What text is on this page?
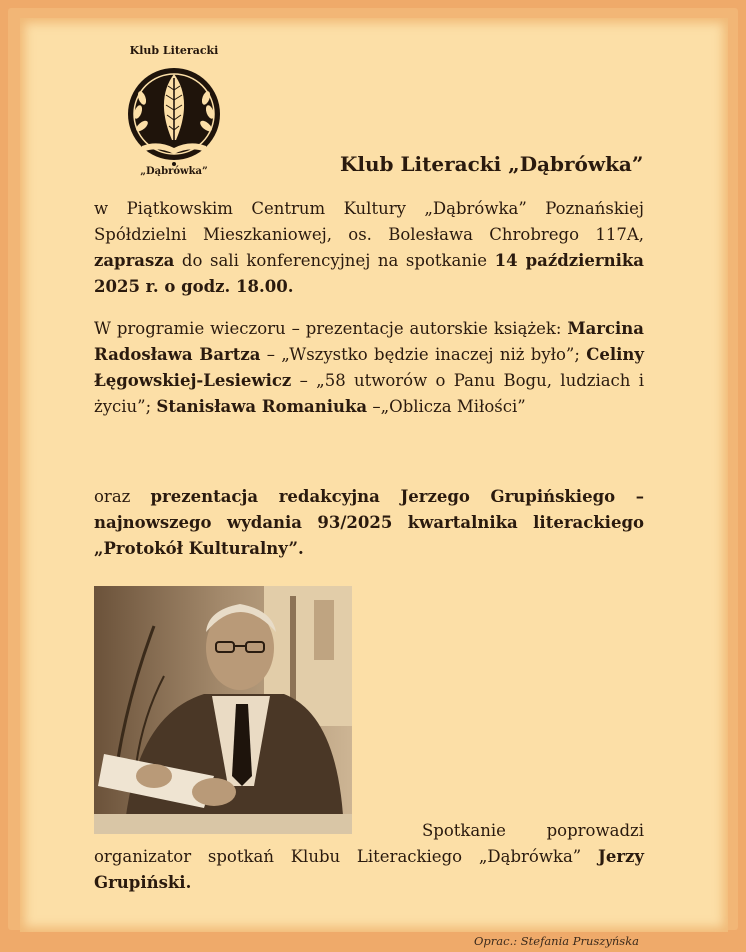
Klub Literacki
„Dąbrówka”	Klub Literacki „Dąbrówka”
w Piątkowskim Centrum Kultury „Dąbrówka” Poznańskiej Spółdzielni Mieszkaniowej, os. Bolesława Chrobrego 117A, zaprasza do sali konferencyjnej na spotkanie 14 października 2025 r. o godz. 18.00.
W programie wieczoru – prezentacje autorskie książek: Marcina Radosława Bartza – „Wszystko będzie inaczej niż było”; Celiny Łęgowskiej-Lesiewicz – „58 utworów o Panu Bogu, ludziach i życiu”; Stanisława Romaniuka –„Oblicza Miłości”
oraz prezentacja redakcyjna Jerzego Grupińskiego – najnowszego wydania 93/2025 kwartalnika literackiego „Protokół Kulturalny”.
Spotkanie poprowadzi organizator spotkań Klubu Literackiego „Dąbrówka” Jerzy Grupiński.
Oprac.: Stefania Pruszyńska
